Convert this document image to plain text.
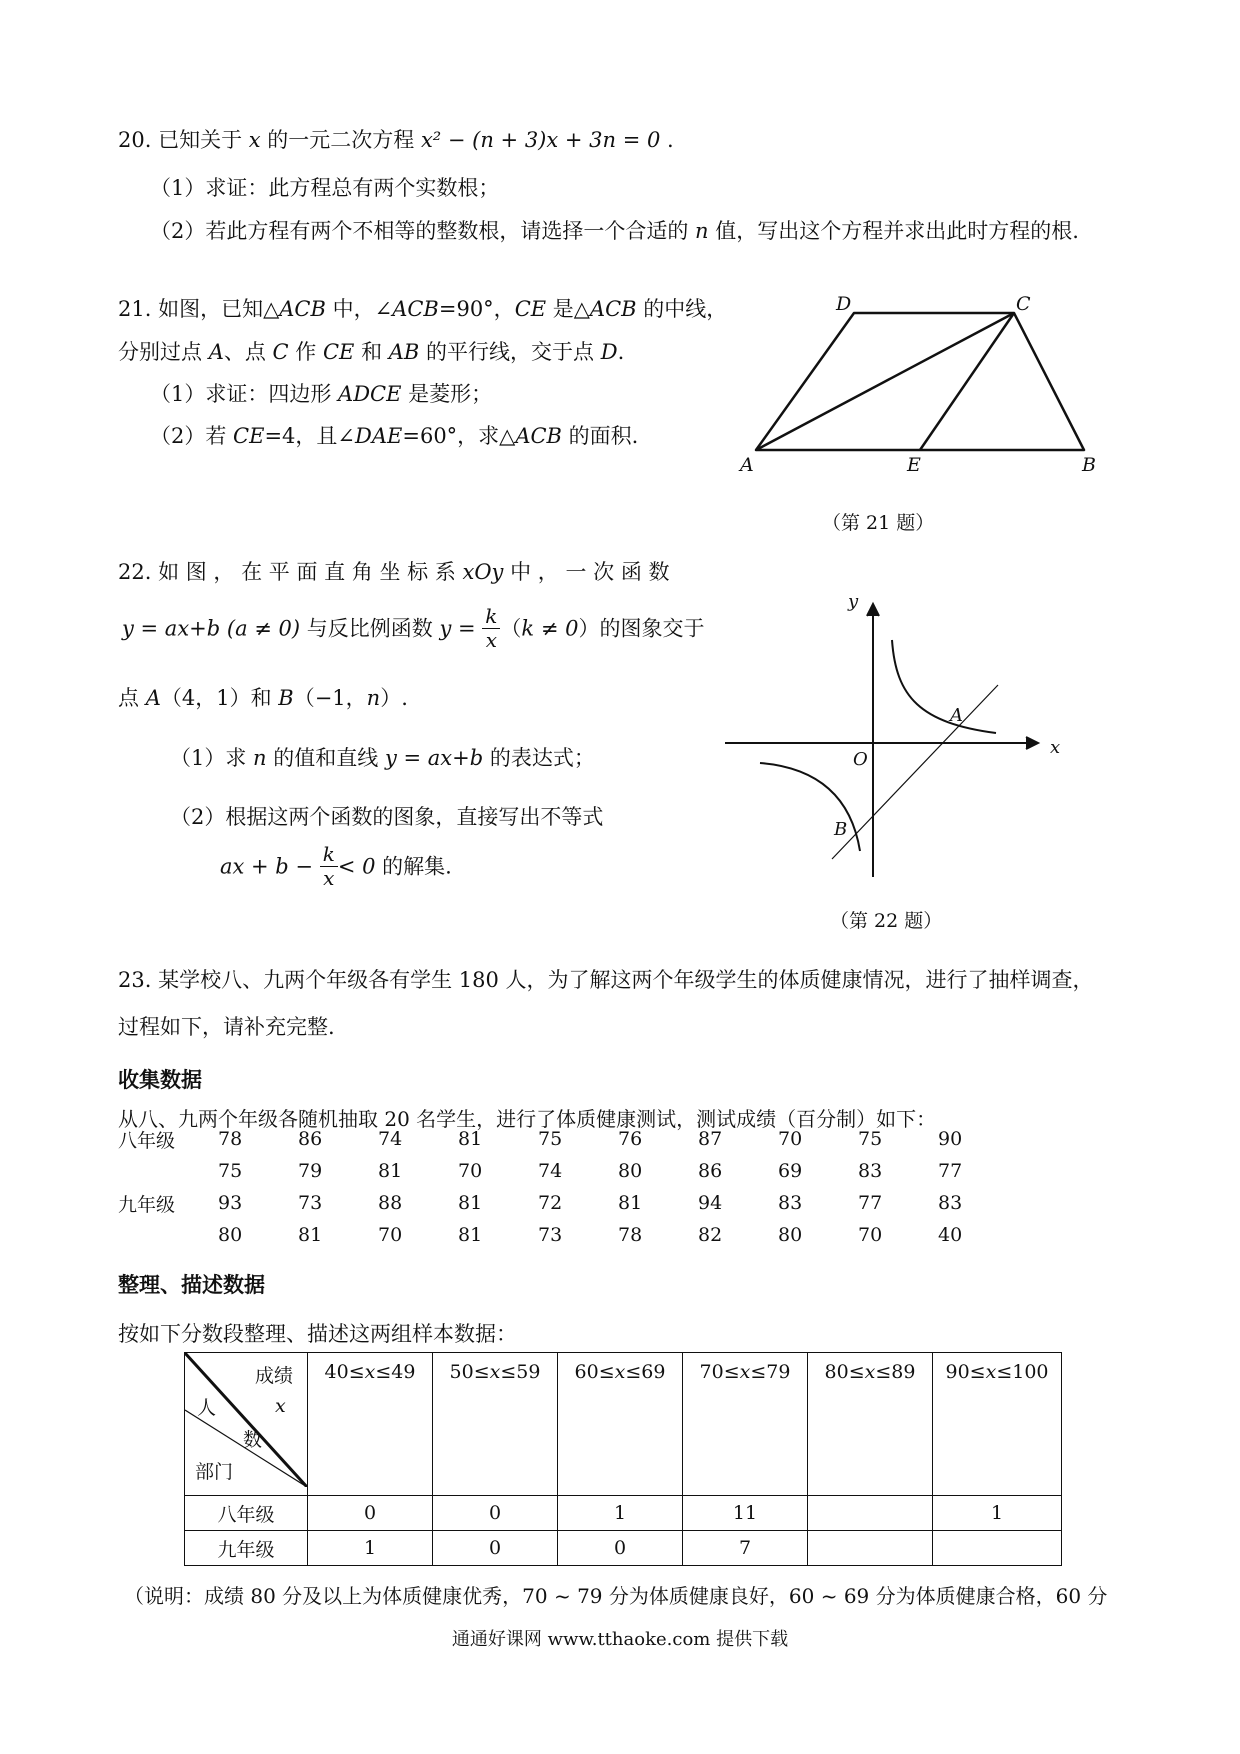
20. 已知关于 x 的一元二次方程 x² − (n + 3)x + 3n = 0 .
（1）求证：此方程总有两个实数根；
（2）若此方程有两个不相等的整数根，请选择一个合适的 n 值，写出这个方程并求出此时方程的根.
21. 如图，已知△ACB 中，∠ACB=90°，CE 是△ACB 的中线，
分别过点 A、点 C 作 CE 和 AB 的平行线，交于点 D.
（1）求证：四边形 ADCE 是菱形；
（2）若 CE=4，且∠DAE=60°，求△ACB 的面积.
D	C
A	E	B
（第 21 题）
22. 如 图 ， 在 平 面 直 角 坐 标 系 xOy 中 ， 一 次 函 数
y = ax+b (a ≠ 0) 与反比例函数 $y = \frac{k}{x} (k \ne 0)$的图象交于
点 A（4，1）和 B（−1，n）.
（1）求 n 的值和直线 y = ax+b 的表达式；
（2）根据这两个函数的图象，直接写出不等式
ax + $b - \frac{k}{x} < 0$ 的解集.
y
x
O
A
B
（第 22 题）
23. 某学校八、九两个年级各有学生 180 人，为了解这两个年级学生的体质健康情况，进行了抽样调查，
过程如下，请补充完整.
收集数据
从八、九两个年级各随机抽取 20 名学生，进行了体质健康测试，测试成绩（百分制）如下：
八年级	78	86	74	81	75	76	87	70	75	90
	75	79	81	70	74	80	86	69	83	77
九年级	93	73	88	81	72	81	94	83	77	83
	80	81	70	81	73	78	82	80	70	40
整理、描述数据
按如下分数段整理、描述这两组样本数据：
成绩
人 x
数
部门	40≤x≤49	50≤x≤59	60≤x≤69	70≤x≤79	80≤x≤89	90≤x≤100
八年级	0	0	1	11		1
九年级	1	0	0	7		
（说明：成绩 80 分及以上为体质健康优秀，70 ~ 79 分为体质健康良好，60 ~ 69 分为体质健康合格，60 分
通通好课网 www.tthaoke.com 提供下载
